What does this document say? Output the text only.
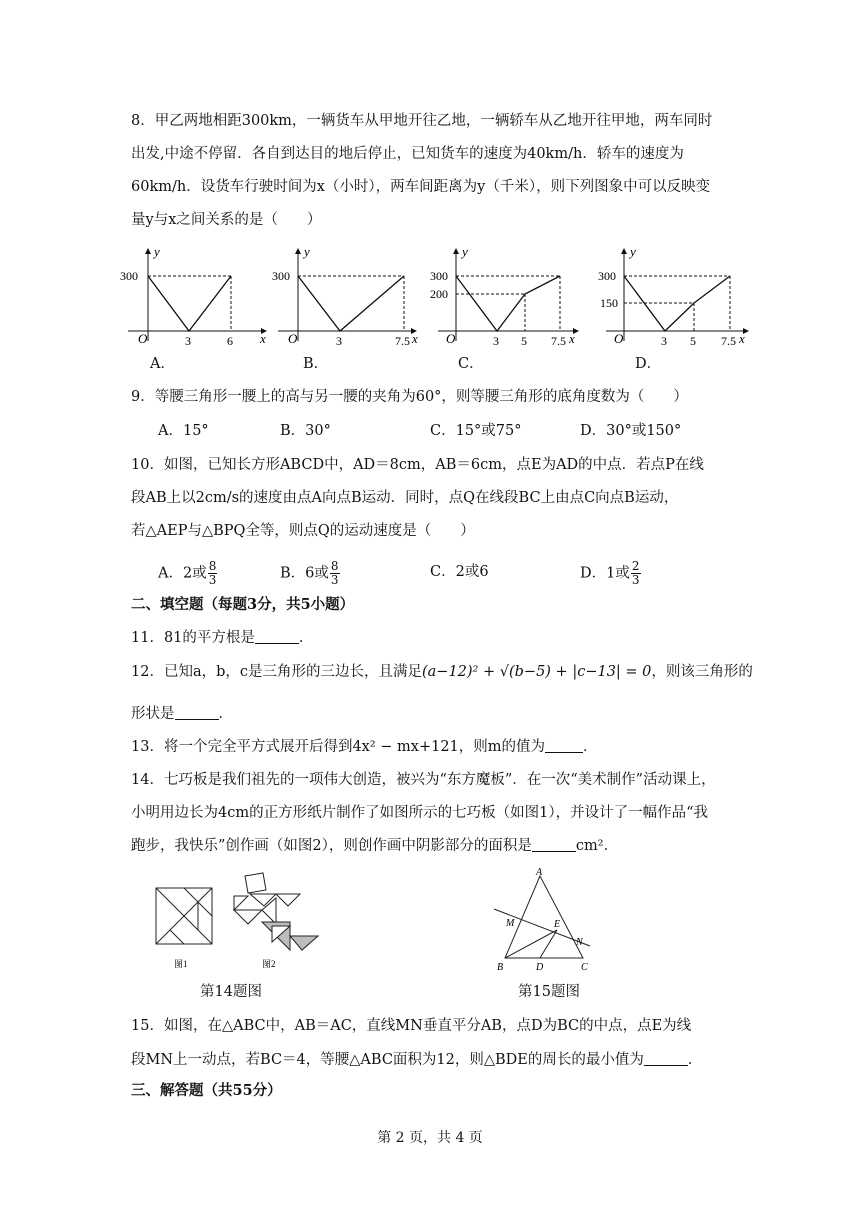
8．甲乙两地相距300km，一辆货车从甲地开往乙地，一辆轿车从乙地开往甲地，两车同时
出发,中途不停留．各自到达目的地后停止，已知货车的速度为40km/h．轿车的速度为
60km/h．设货车行驶时间为x（小时），两车间距离为y（千米），则下列图象中可以反映变
量y与x之间关系的是（　　）
y
300
O	3	6 x
y
300
O	3	7.5 x
y
300
200
O	3 5 7.5 x
y
300
150
O	3 5 7.5 x
A．	B．	C．	D．
9．等腰三角形一腰上的高与另一腰的夹角为60°，则等腰三角形的底角度数为（　　）
A．15°	B．30°	C．15°或75°	D．30°或150°
10．如图，已知长方形ABCD中，AD＝8cm，AB＝6cm，点E为AD的中点．若点P在线
段AB上以2cm/s的速度由点A向点B运动．同时，点Q在线段BC上由点C向点B运动，
若△AEP与△BPQ全等，则点Q的运动速度是（　　）
A．2或 $\frac{8}{3}$	B．6或 $\frac{8}{3}$	C．2或6	D．1或 $\frac{2}{3}$
二、填空题（每题3分，共5小题）
11．81的平方根是	．
12．已知a，b，c是三角形的三边长，且满足(a−12)² + √(b−5) + |c−13| = 0，则该三角形的
形状是	．
13．将一个完全平方式展开后得到4x² − mx+121，则m的值为	．
14．七巧板是我们祖先的一项伟大创造，被兴为“东方魔板”．在一次“美术制作”活动课上，
小明用边长为4cm的正方形纸片制作了如图所示的七巧板（如图1），并设计了一幅作品“我
跑步，我快乐”创作画（如图2），则创作画中阴影部分的面积是	cm²．
图1	图2
第14题图
A
M	E
N
B	D	C
第15题图
15．如图，在△ABC中，AB＝AC，直线MN垂直平分AB，点D为BC的中点，点E为线
段MN上一动点，若BC＝4，等腰△ABC面积为12，则△BDE的周长的最小值为	．
三、解答题（共55分）
第 2 页，共 4 页
